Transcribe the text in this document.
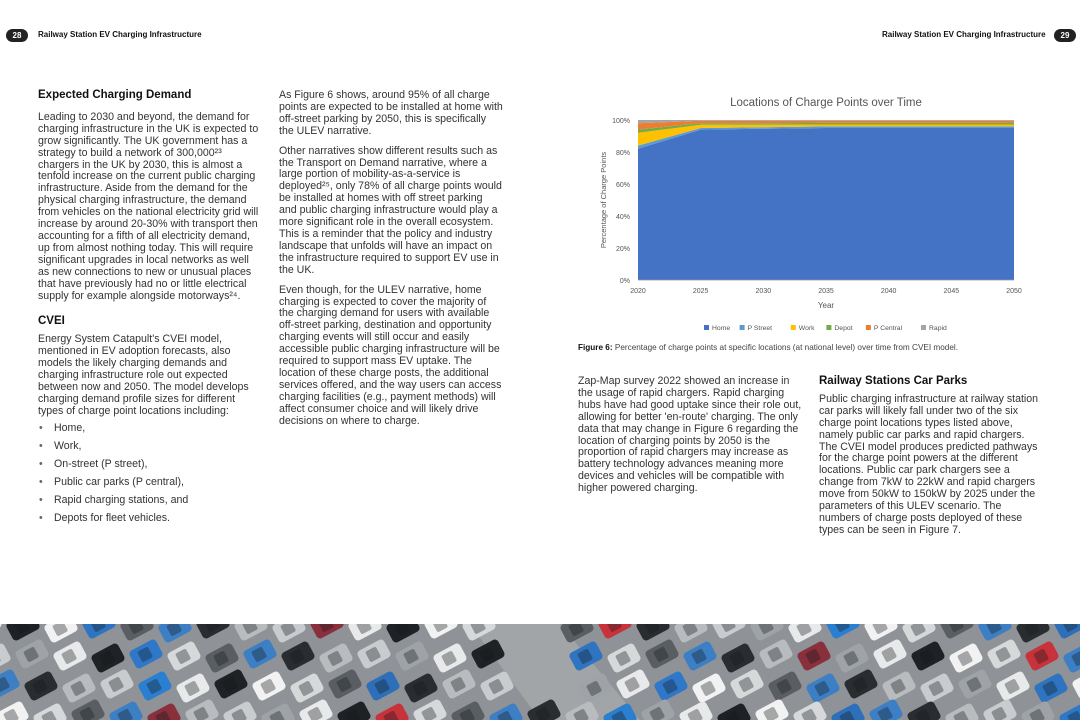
28	Railway Station EV Charging Infrastructure	Railway Station EV Charging Infrastructure	29
Expected Charging Demand

Leading to 2030 and beyond, the demand for charging infrastructure in the UK is expected to grow significantly. The UK government has a strategy to build a network of 300,000²³ chargers in the UK by 2030, this is almost a tenfold increase on the current public charging infrastructure. Aside from the demand for the physical charging infrastructure, the demand from vehicles on the national electricity grid will increase by around 20-30% with transport then accounting for a fifth of all electricity demand, up from almost nothing today. This will require significant upgrades in local networks as well as new connections to new or unusual places that have previously had no or little electrical supply for example alongside motorways²⁴.

CVEI

Energy System Catapult's CVEI model, mentioned in EV adoption forecasts, also models the likely charging demands and charging infrastructure role out expected between now and 2050. The model develops charging demand profile sizes for different types of charge point locations including:

• Home,
• Work,
• On-street (P street),
• Public car parks (P central),
• Rapid charging stations, and
• Depots for fleet vehicles.

As Figure 6 shows, around 95% of all charge points are expected to be installed at home with off-street parking by 2050, this is specifically the ULEV narrative.

Other narratives show different results such as the Transport on Demand narrative, where a large portion of mobility-as-a-service is deployed²⁵, only 78% of all charge points would be installed at homes with off street parking and public charging infrastructure would play a more significant role in the overall ecosystem. This is a reminder that the policy and industry landscape that unfolds will have an impact on the infrastructure required to support EV use in the UK.

Even though, for the ULEV narrative, home charging is expected to cover the majority of the charging demand for users with available off-street parking, destination and opportunity charging events will still occur and easily accessible public charging infrastructure will be required to support mass EV uptake. The location of these charge posts, the additional services offered, and the way users can access charging facilities (e.g., payment methods) will affect consumer choice and will likely drive decisions on where to charge.

Locations of Charge Points over Time
0%
20%
40%
60%
80%
100%
2020	2025	2030	2035	2040	2045	2050
Year
Percentage of Charge Points
Home	P Street	Work	Depot	P Central	Rapid
Figure 6: Percentage of charge points at specific locations (at national level) over time from CVEI model.

Zap-Map survey 2022 showed an increase in the usage of rapid chargers. Rapid charging hubs have had good uptake since their role out, allowing for better 'en-route' charging. The only data that may change in Figure 6 regarding the location of charging points by 2050 is the proportion of rapid chargers may increase as battery technology advances meaning more devices and vehicles will be compatible with higher powered charging.

Railway Stations Car Parks

Public charging infrastructure at railway station car parks will likely fall under two of the six charge point locations types listed above, namely public car parks and rapid chargers. The CVEI model produces predicted pathways for the charge point powers at the different locations. Public car park chargers see a change from 7kW to 22kW and rapid chargers move from 50kW to 150kW by 2025 under the parameters of this ULEV scenario. The numbers of charge posts deployed of these types can be seen in Figure 7.
